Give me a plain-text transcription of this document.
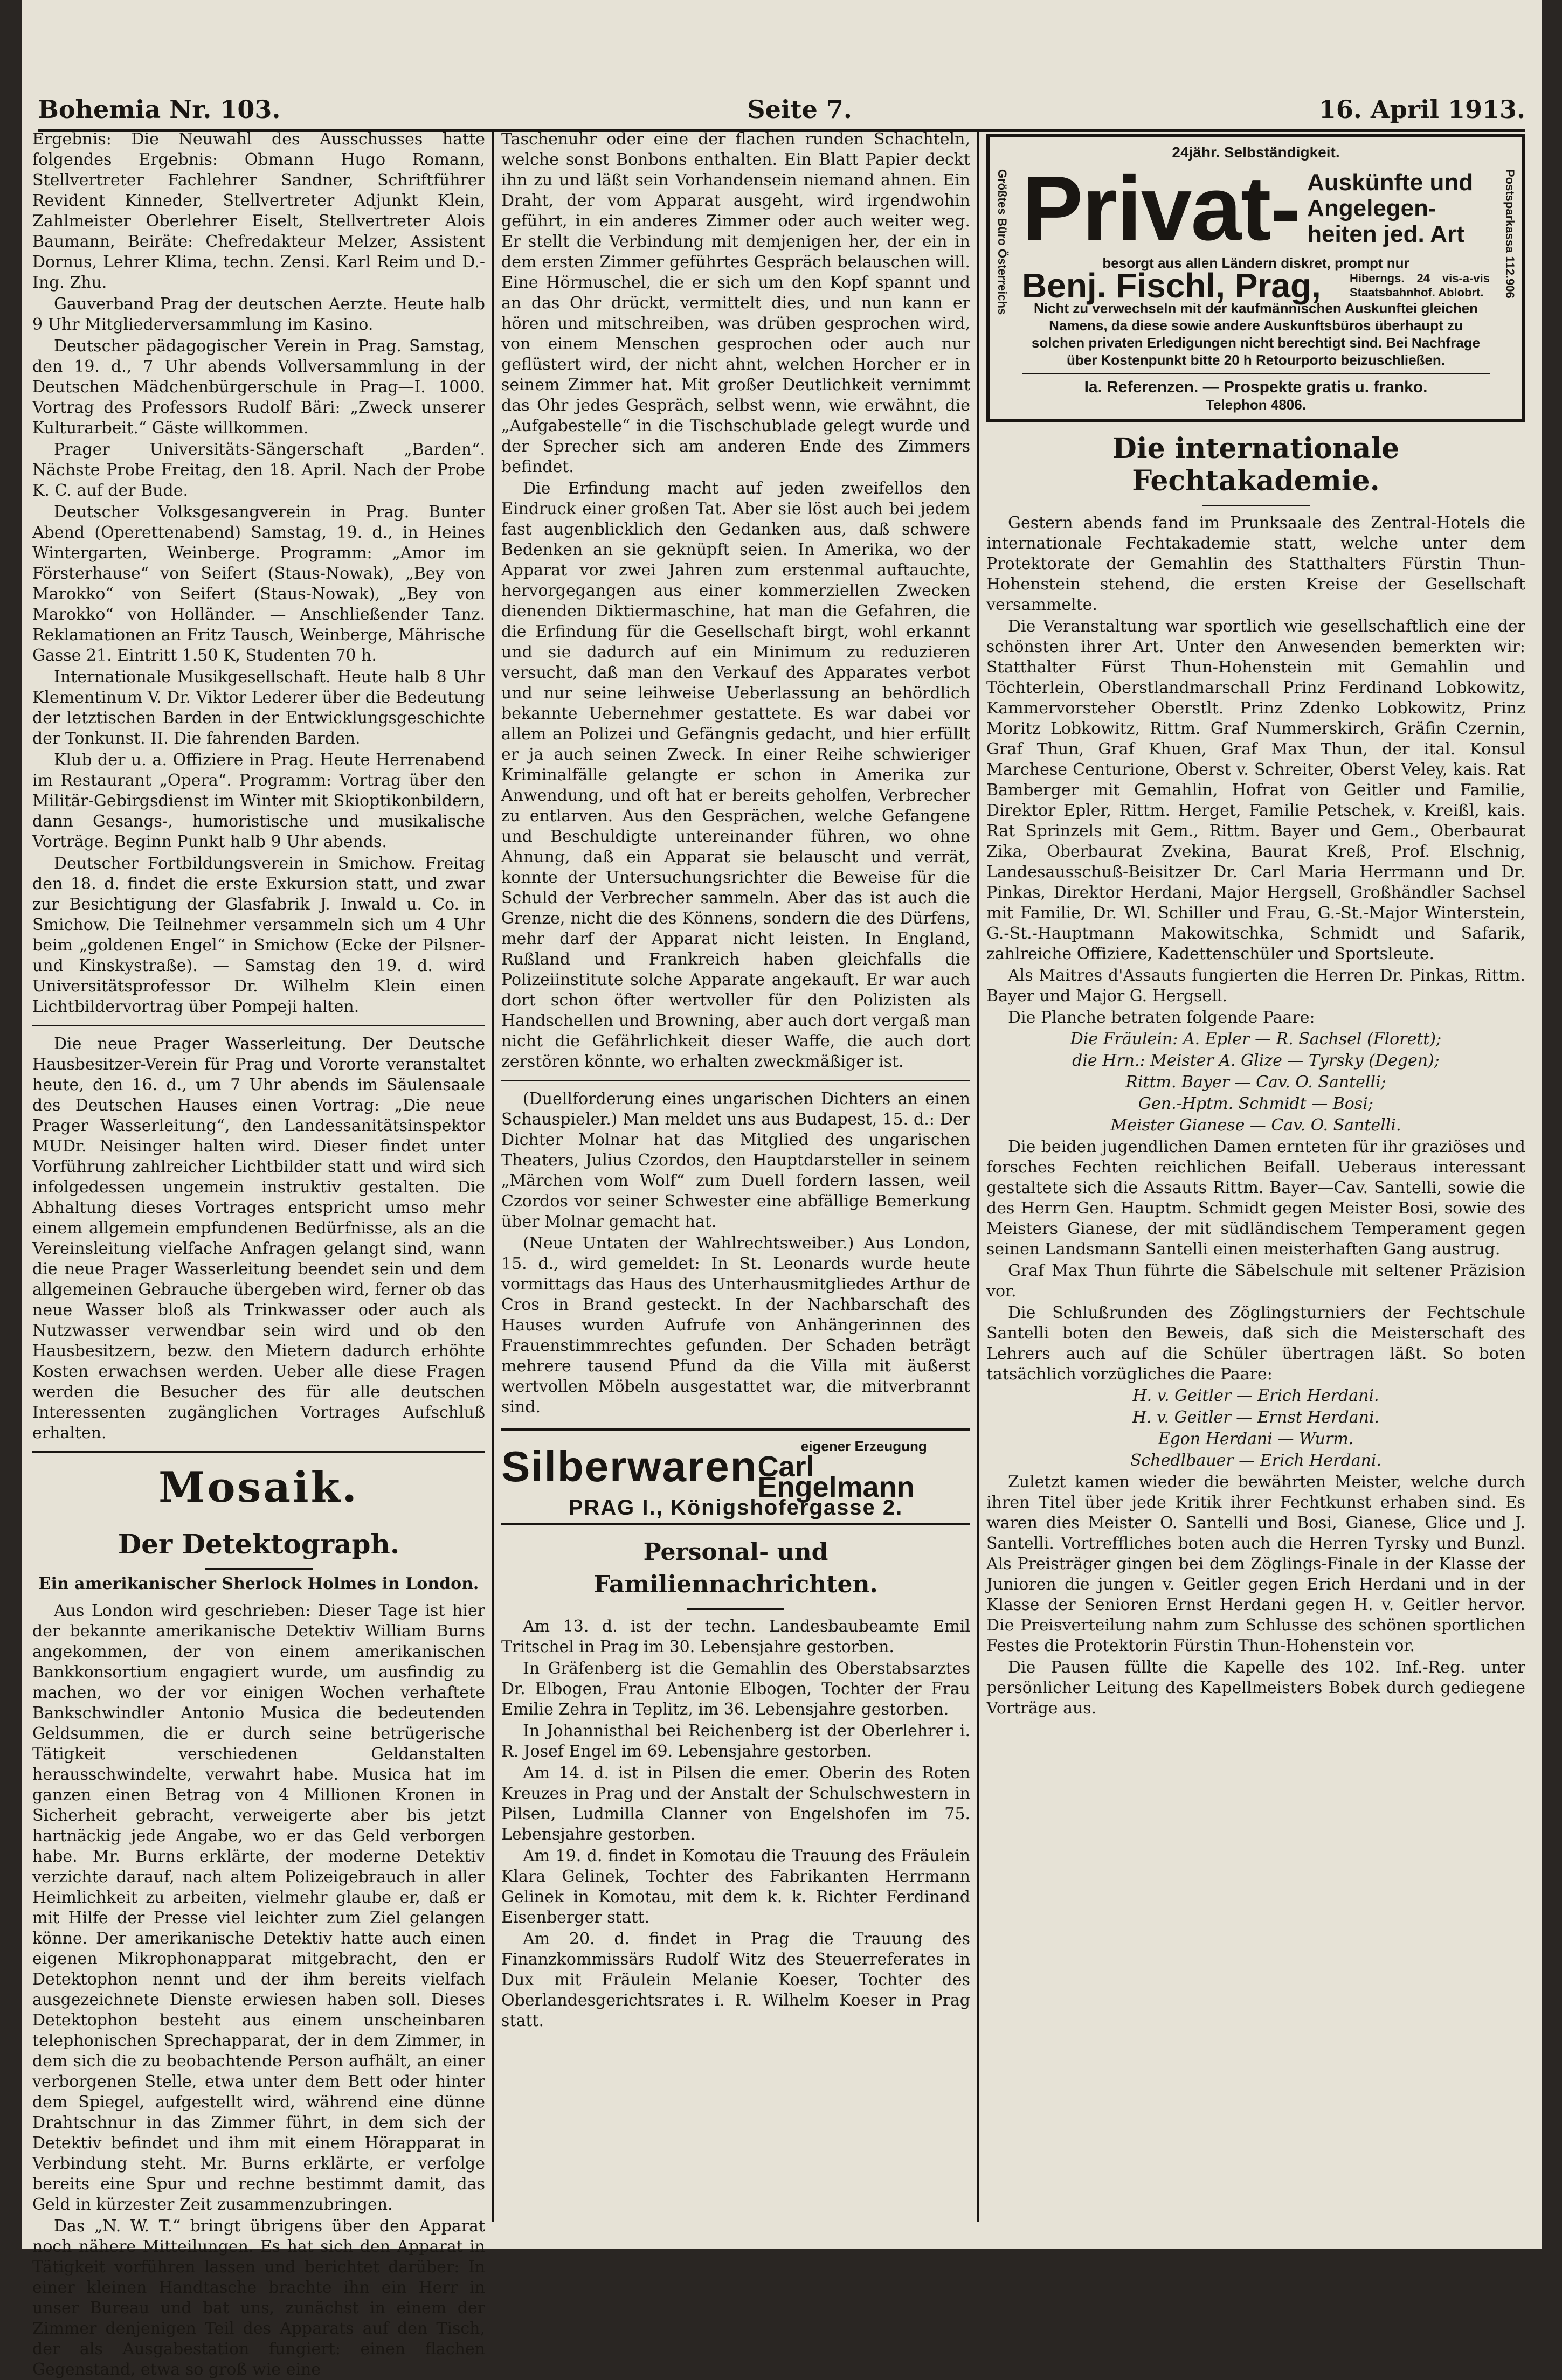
Bohemia Nr. 103.	Seite 7.	16. April 1913.

Ergebnis: Die Neuwahl des Ausschusses hatte folgendes Ergebnis: Obmann Hugo Romann, Stellvertreter Fachlehrer Sandner, Schriftführer Revident Kinneder, Stellvertreter Adjunkt Klein, Zahlmeister Oberlehrer Eiselt, Stellvertreter Alois Baumann, Beiräte: Chefredakteur Melzer, Assistent Dornus, Lehrer Klima, techn. Zensi. Karl Reim und D.-Ing. Zhu.

Gauverband Prag der deutschen Aerzte. Heute halb 9 Uhr Mitgliederversammlung im Kasino.

Deutscher pädagogischer Verein in Prag. Samstag, den 19. d., 7 Uhr abends Vollversammlung in der Deutschen Mädchenbürgerschule in Prag—I. 1000. Vortrag des Professors Rudolf Bäri: „Zweck unserer Kulturarbeit.“ Gäste willkommen.

Prager Universitäts-Sängerschaft „Barden“. Nächste Probe Freitag, den 18. April. Nach der Probe K. C. auf der Bude.

Deutscher Volksgesangverein in Prag. Bunter Abend (Operettenabend) Samstag, 19. d., in Heines Wintergarten, Weinberge. Programm: „Amor im Försterhause“ von Seifert (Staus-Nowak), „Bey von Marokko“ von Seifert (Staus-Nowak), „Bey von Marokko“ von Holländer. — Anschließender Tanz. Reklamationen an Fritz Tausch, Weinberge, Mährische Gasse 21. Eintritt 1.50 K, Studenten 70 h.

Internationale Musikgesellschaft. Heute halb 8 Uhr Klementinum V. Dr. Viktor Lederer über die Bedeutung der letztischen Barden in der Entwicklungsgeschichte der Tonkunst. II. Die fahrenden Barden.

Klub der u. a. Offiziere in Prag. Heute Herrenabend im Restaurant „Opera“. Programm: Vortrag über den Militär-Gebirgsdienst im Winter mit Skioptikonbildern, dann Gesangs-, humoristische und musikalische Vorträge. Beginn Punkt halb 9 Uhr abends.

Deutscher Fortbildungsverein in Smichow. Freitag den 18. d. findet die erste Exkursion statt, und zwar zur Besichtigung der Glasfabrik J. Inwald u. Co. in Smichow. Die Teilnehmer versammeln sich um 4 Uhr beim „goldenen Engel“ in Smichow (Ecke der Pilsner- und Kinskystraße). — Samstag den 19. d. wird Universitätsprofessor Dr. Wilhelm Klein einen Lichtbildervortrag über Pompeji halten.

Die neue Prager Wasserleitung. Der Deutsche Hausbesitzer-Verein für Prag und Vororte veranstaltet heute, den 16. d., um 7 Uhr abends im Säulensaale des Deutschen Hauses einen Vortrag: „Die neue Prager Wasserleitung“, den Landessanitätsinspektor MUDr. Neisinger halten wird. Dieser findet unter Vorführung zahlreicher Lichtbilder statt und wird sich infolgedessen ungemein instruktiv gestalten. Die Abhaltung dieses Vortrages entspricht umso mehr einem allgemein empfundenen Bedürfnisse, als an die Vereinsleitung vielfache Anfragen gelangt sind, wann die neue Prager Wasserleitung beendet sein und dem allgemeinen Gebrauche übergeben wird, ferner ob das neue Wasser bloß als Trinkwasser oder auch als Nutzwasser verwendbar sein wird und ob den Hausbesitzern, bezw. den Mietern dadurch erhöhte Kosten erwachsen werden. Ueber alle diese Fragen werden die Besucher des für alle deutschen Interessenten zugänglichen Vortrages Aufschluß erhalten.

Mosaik.
Der Detektograph.
Ein amerikanischer Sherlock Holmes in London.

Aus London wird geschrieben: Dieser Tage ist hier der bekannte amerikanische Detektiv William Burns angekommen, der von einem amerikanischen Bankkonsortium engagiert wurde, um ausfindig zu machen, wo der vor einigen Wochen verhaftete Bankschwindler Antonio Musica die bedeutenden Geldsummen, die er durch seine betrügerische Tätigkeit verschiedenen Geldanstalten herausschwindelte, verwahrt habe. Musica hat im ganzen einen Betrag von 4 Millionen Kronen in Sicherheit gebracht, verweigerte aber bis jetzt hartnäckig jede Angabe, wo er das Geld verborgen habe. Mr. Burns erklärte, der moderne Detektiv verzichte darauf, nach altem Polizeigebrauch in aller Heimlichkeit zu arbeiten, vielmehr glaube er, daß er mit Hilfe der Presse viel leichter zum Ziel gelangen könne. Der amerikanische Detektiv hatte auch einen eigenen Mikrophonapparat mitgebracht, den er Detektophon nennt und der ihm bereits vielfach ausgezeichnete Dienste erwiesen haben soll. Dieses Detektophon besteht aus einem unscheinbaren telephonischen Sprechapparat, der in dem Zimmer, in dem sich die zu beobachtende Person aufhält, an einer verborgenen Stelle, etwa unter dem Bett oder hinter dem Spiegel, aufgestellt wird, während eine dünne Drahtschnur in das Zimmer führt, in dem sich der Detektiv befindet und ihm mit einem Hörapparat in Verbindung steht. Mr. Burns erklärte, er verfolge bereits eine Spur und rechne bestimmt damit, das Geld in kürzester Zeit zusammenzubringen.

Das „N. W. T.“ bringt übrigens über den Apparat noch nähere Mitteilungen. Es hat sich den Apparat in Tätigkeit vorführen lassen und berichtet darüber: In einer kleinen Handtasche brachte ihn ein Herr in unser Bureau und bat uns, zunächst in einem der Zimmer denjenigen Teil des Apparats auf den Tisch, der als Ausgabestation fungiert: einen flachen Gegenstand, etwa so groß wie eine

Taschenuhr oder eine der flachen runden Schachteln, welche sonst Bonbons enthalten. Ein Blatt Papier deckt ihn zu und läßt sein Vorhandensein niemand ahnen. Ein Draht, der vom Apparat ausgeht, wird irgendwohin geführt, in ein anderes Zimmer oder auch weiter weg. Er stellt die Verbindung mit demjenigen her, der ein in dem ersten Zimmer geführtes Gespräch belauschen will. Eine Hörmuschel, die er sich um den Kopf spannt und an das Ohr drückt, vermittelt dies, und nun kann er hören und mitschreiben, was drüben gesprochen wird, von einem Menschen gesprochen oder auch nur geflüstert wird, der nicht ahnt, welchen Horcher er in seinem Zimmer hat. Mit großer Deutlichkeit vernimmt das Ohr jedes Gespräch, selbst wenn, wie erwähnt, die „Aufgabestelle“ in die Tischschublade gelegt wurde und der Sprecher sich am anderen Ende des Zimmers befindet.

Die Erfindung macht auf jeden zweifellos den Eindruck einer großen Tat. Aber sie löst auch bei jedem fast augenblicklich den Gedanken aus, daß schwere Bedenken an sie geknüpft seien. In Amerika, wo der Apparat vor zwei Jahren zum erstenmal auftauchte, hervorgegangen aus einer kommerziellen Zwecken dienenden Diktiermaschine, hat man die Gefahren, die die Erfindung für die Gesellschaft birgt, wohl erkannt und sie dadurch auf ein Minimum zu reduzieren versucht, daß man den Verkauf des Apparates verbot und nur seine leihweise Ueberlassung an behördlich bekannte Uebernehmer gestattete. Es war dabei vor allem an Polizei und Gefängnis gedacht, und hier erfüllt er ja auch seinen Zweck. In einer Reihe schwieriger Kriminalfälle gelangte er schon in Amerika zur Anwendung, und oft hat er bereits geholfen, Verbrecher zu entlarven. Aus den Gesprächen, welche Gefangene und Beschuldigte untereinander führen, wo ohne Ahnung, daß ein Apparat sie belauscht und verrät, konnte der Untersuchungsrichter die Beweise für die Schuld der Verbrecher sammeln. Aber das ist auch die Grenze, nicht die des Könnens, sondern die des Dürfens, mehr darf der Apparat nicht leisten. In England, Rußland und Frankreich haben gleichfalls die Polizeiinstitute solche Apparate angekauft. Er war auch dort schon öfter wertvoller für den Polizisten als Handschellen und Browning, aber auch dort vergaß man nicht die Gefährlichkeit dieser Waffe, die auch dort zerstören könnte, wo erhalten zweckmäßiger ist.

(Duellforderung eines ungarischen Dichters an einen Schauspieler.) Man meldet uns aus Budapest, 15. d.: Der Dichter Molnar hat das Mitglied des ungarischen Theaters, Julius Czordos, den Hauptdarsteller in seinem „Märchen vom Wolf“ zum Duell fordern lassen, weil Czordos vor seiner Schwester eine abfällige Bemerkung über Molnar gemacht hat.

(Neue Untaten der Wahlrechtsweiber.) Aus London, 15. d., wird gemeldet: In St. Leonards wurde heute vormittags das Haus des Unterhausmitgliedes Arthur de Cros in Brand gesteckt. In der Nachbarschaft des Hauses wurden Aufrufe von Anhängerinnen des Frauenstimmrechtes gefunden. Der Schaden beträgt mehrere tausend Pfund da die Villa mit äußerst wertvollen Möbeln ausgestattet war, die mitverbrannt sind.

Silberwaren	eigener Erzeugung
Carl Engelmann
PRAG I., Königshofergasse 2.
Personal- und Familiennachrichten.

Am 13. d. ist der techn. Landesbaubeamte Emil Tritschel in Prag im 30. Lebensjahre gestorben.

In Gräfenberg ist die Gemahlin des Oberstabsarztes Dr. Elbogen, Frau Antonie Elbogen, Tochter der Frau Emilie Zehra in Teplitz, im 36. Lebensjahre gestorben.

In Johannisthal bei Reichenberg ist der Oberlehrer i. R. Josef Engel im 69. Lebensjahre gestorben.

Am 14. d. ist in Pilsen die emer. Oberin des Roten Kreuzes in Prag und der Anstalt der Schulschwestern in Pilsen, Ludmilla Clanner von Engelshofen im 75. Lebensjahre gestorben.

Am 19. d. findet in Komotau die Trauung des Fräulein Klara Gelinek, Tochter des Fabrikanten Herrmann Gelinek in Komotau, mit dem k. k. Richter Ferdinand Eisenberger statt.

Am 20. d. findet in Prag die Trauung des Finanzkommissärs Rudolf Witz des Steuerreferates in Dux mit Fräulein Melanie Koeser, Tochter des Oberlandesgerichtsrates i. R. Wilhelm Koeser in Prag statt.

Größtes Büro Österreichs	Postsparkassa 112.906
24jähr. Selbständigkeit.
Privat- Auskünfte und
Angelegen-
heiten jed. Art
besorgt aus allen Ländern diskret, prompt nur
Benj. Fischl, Prag, Hiberngs. 24 vis-a-vis Staatsbahnhof. Ablobrt.
Nicht zu verwechseln mit der kaufmännischen Auskunftei gleichen Namens, da diese sowie andere Auskunftsbüros überhaupt zu solchen privaten Erledigungen nicht berechtigt sind. Bei Nachfrage über Kostenpunkt bitte 20 h Retourporto beizuschließen.
Ia. Referenzen. — Prospekte gratis u. franko.
Telephon 4806.
Die internationale Fechtakademie.

Gestern abends fand im Prunksaale des Zentral-Hotels die internationale Fechtakademie statt, welche unter dem Protektorate der Gemahlin des Statthalters Fürstin Thun-Hohenstein stehend, die ersten Kreise der Gesellschaft versammelte.

Die Veranstaltung war sportlich wie gesellschaftlich eine der schönsten ihrer Art. Unter den Anwesenden bemerkten wir: Statthalter Fürst Thun-Hohenstein mit Gemahlin und Töchterlein, Oberstlandmarschall Prinz Ferdinand Lobkowitz, Kammervorsteher Oberstlt. Prinz Zdenko Lobkowitz, Prinz Moritz Lobkowitz, Rittm. Graf Nummerskirch, Gräfin Czernin, Graf Thun, Graf Khuen, Graf Max Thun, der ital. Konsul Marchese Centurione, Oberst v. Schreiter, Oberst Veley, kais. Rat Bamberger mit Gemahlin, Hofrat von Geitler und Familie, Direktor Epler, Rittm. Herget, Familie Petschek, v. Kreißl, kais. Rat Sprinzels mit Gem., Rittm. Bayer und Gem., Oberbaurat Zika, Oberbaurat Zvekina, Baurat Kreß, Prof. Elschnig, Landesausschuß-Beisitzer Dr. Carl Maria Herrmann und Dr. Pinkas, Direktor Herdani, Major Hergsell, Großhändler Sachsel mit Familie, Dr. Wl. Schiller und Frau, G.-St.-Major Winterstein, G.-St.-Hauptmann Makowitschka, Schmidt und Safarik, zahlreiche Offiziere, Kadettenschüler und Sportsleute.

Als Maitres d'Assauts fungierten die Herren Dr. Pinkas, Rittm. Bayer und Major G. Hergsell.

Die Planche betraten folgende Paare:

Die Fräulein: A. Epler — R. Sachsel (Florett);
die Hrn.: Meister A. Glize — Tyrsky (Degen);
Rittm. Bayer — Cav. O. Santelli;
Gen.-Hptm. Schmidt — Bosi;
Meister Gianese — Cav. O. Santelli.

Die beiden jugendlichen Damen ernteten für ihr graziöses und forsches Fechten reichlichen Beifall. Ueberaus interessant gestaltete sich die Assauts Rittm. Bayer—Cav. Santelli, sowie die des Herrn Gen. Hauptm. Schmidt gegen Meister Bosi, sowie des Meisters Gianese, der mit südländischem Temperament gegen seinen Landsmann Santelli einen meisterhaften Gang austrug.

Graf Max Thun führte die Säbelschule mit seltener Präzision vor.

Die Schlußrunden des Zöglingsturniers der Fechtschule Santelli boten den Beweis, daß sich die Meisterschaft des Lehrers auch auf die Schüler übertragen läßt. So boten tatsächlich vorzügliches die Paare:

H. v. Geitler — Erich Herdani.
H. v. Geitler — Ernst Herdani.
Egon Herdani — Wurm.
Schedlbauer — Erich Herdani.

Zuletzt kamen wieder die bewährten Meister, welche durch ihren Titel über jede Kritik ihrer Fechtkunst erhaben sind. Es waren dies Meister O. Santelli und Bosi, Gianese, Glice und J. Santelli. Vortreffliches boten auch die Herren Tyrsky und Bunzl. Als Preisträger gingen bei dem Zöglings-Finale in der Klasse der Junioren die jungen v. Geitler gegen Erich Herdani und in der Klasse der Senioren Ernst Herdani gegen H. v. Geitler hervor. Die Preisverteilung nahm zum Schlusse des schönen sportlichen Festes die Protektorin Fürstin Thun-Hohenstein vor.

Die Pausen füllte die Kapelle des 102. Inf.-Reg. unter persönlicher Leitung des Kapellmeisters Bobek durch gediegene Vorträge aus.
